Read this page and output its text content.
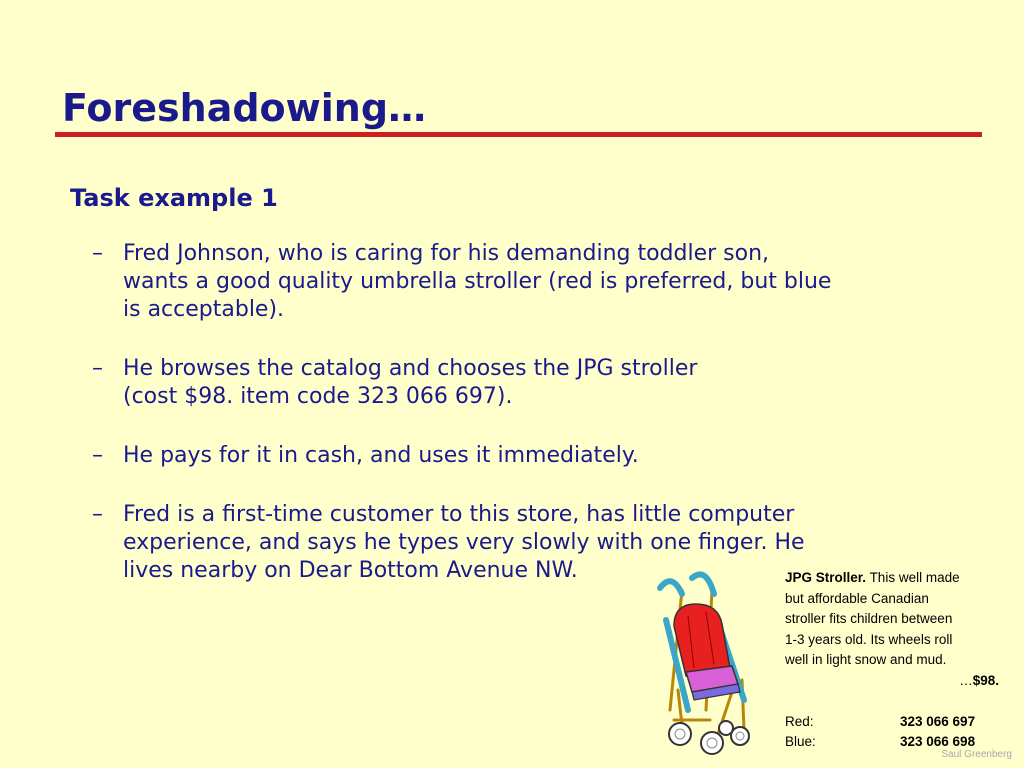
Foreshadowing…
Task example 1
– Fred Johnson, who is caring for his demanding toddler son,
wants a good quality umbrella stroller (red is preferred, but blue
is acceptable).
– He browses the catalog and chooses the JPG stroller
(cost $98. item code 323 066 697).
– He pays for it in cash, and uses it immediately.
– Fred is a first-time customer to this store, has little computer
experience, and says he types very slowly with one finger. He
lives nearby on Dear Bottom Avenue NW.	JPG Stroller. This well made
but affordable Canadian
stroller fits children between
1-3 years old. Its wheels roll
well in light snow and mud.
…$98.
Red:	323 066 697
Blue:	323 066 698
Saul Greenberg
